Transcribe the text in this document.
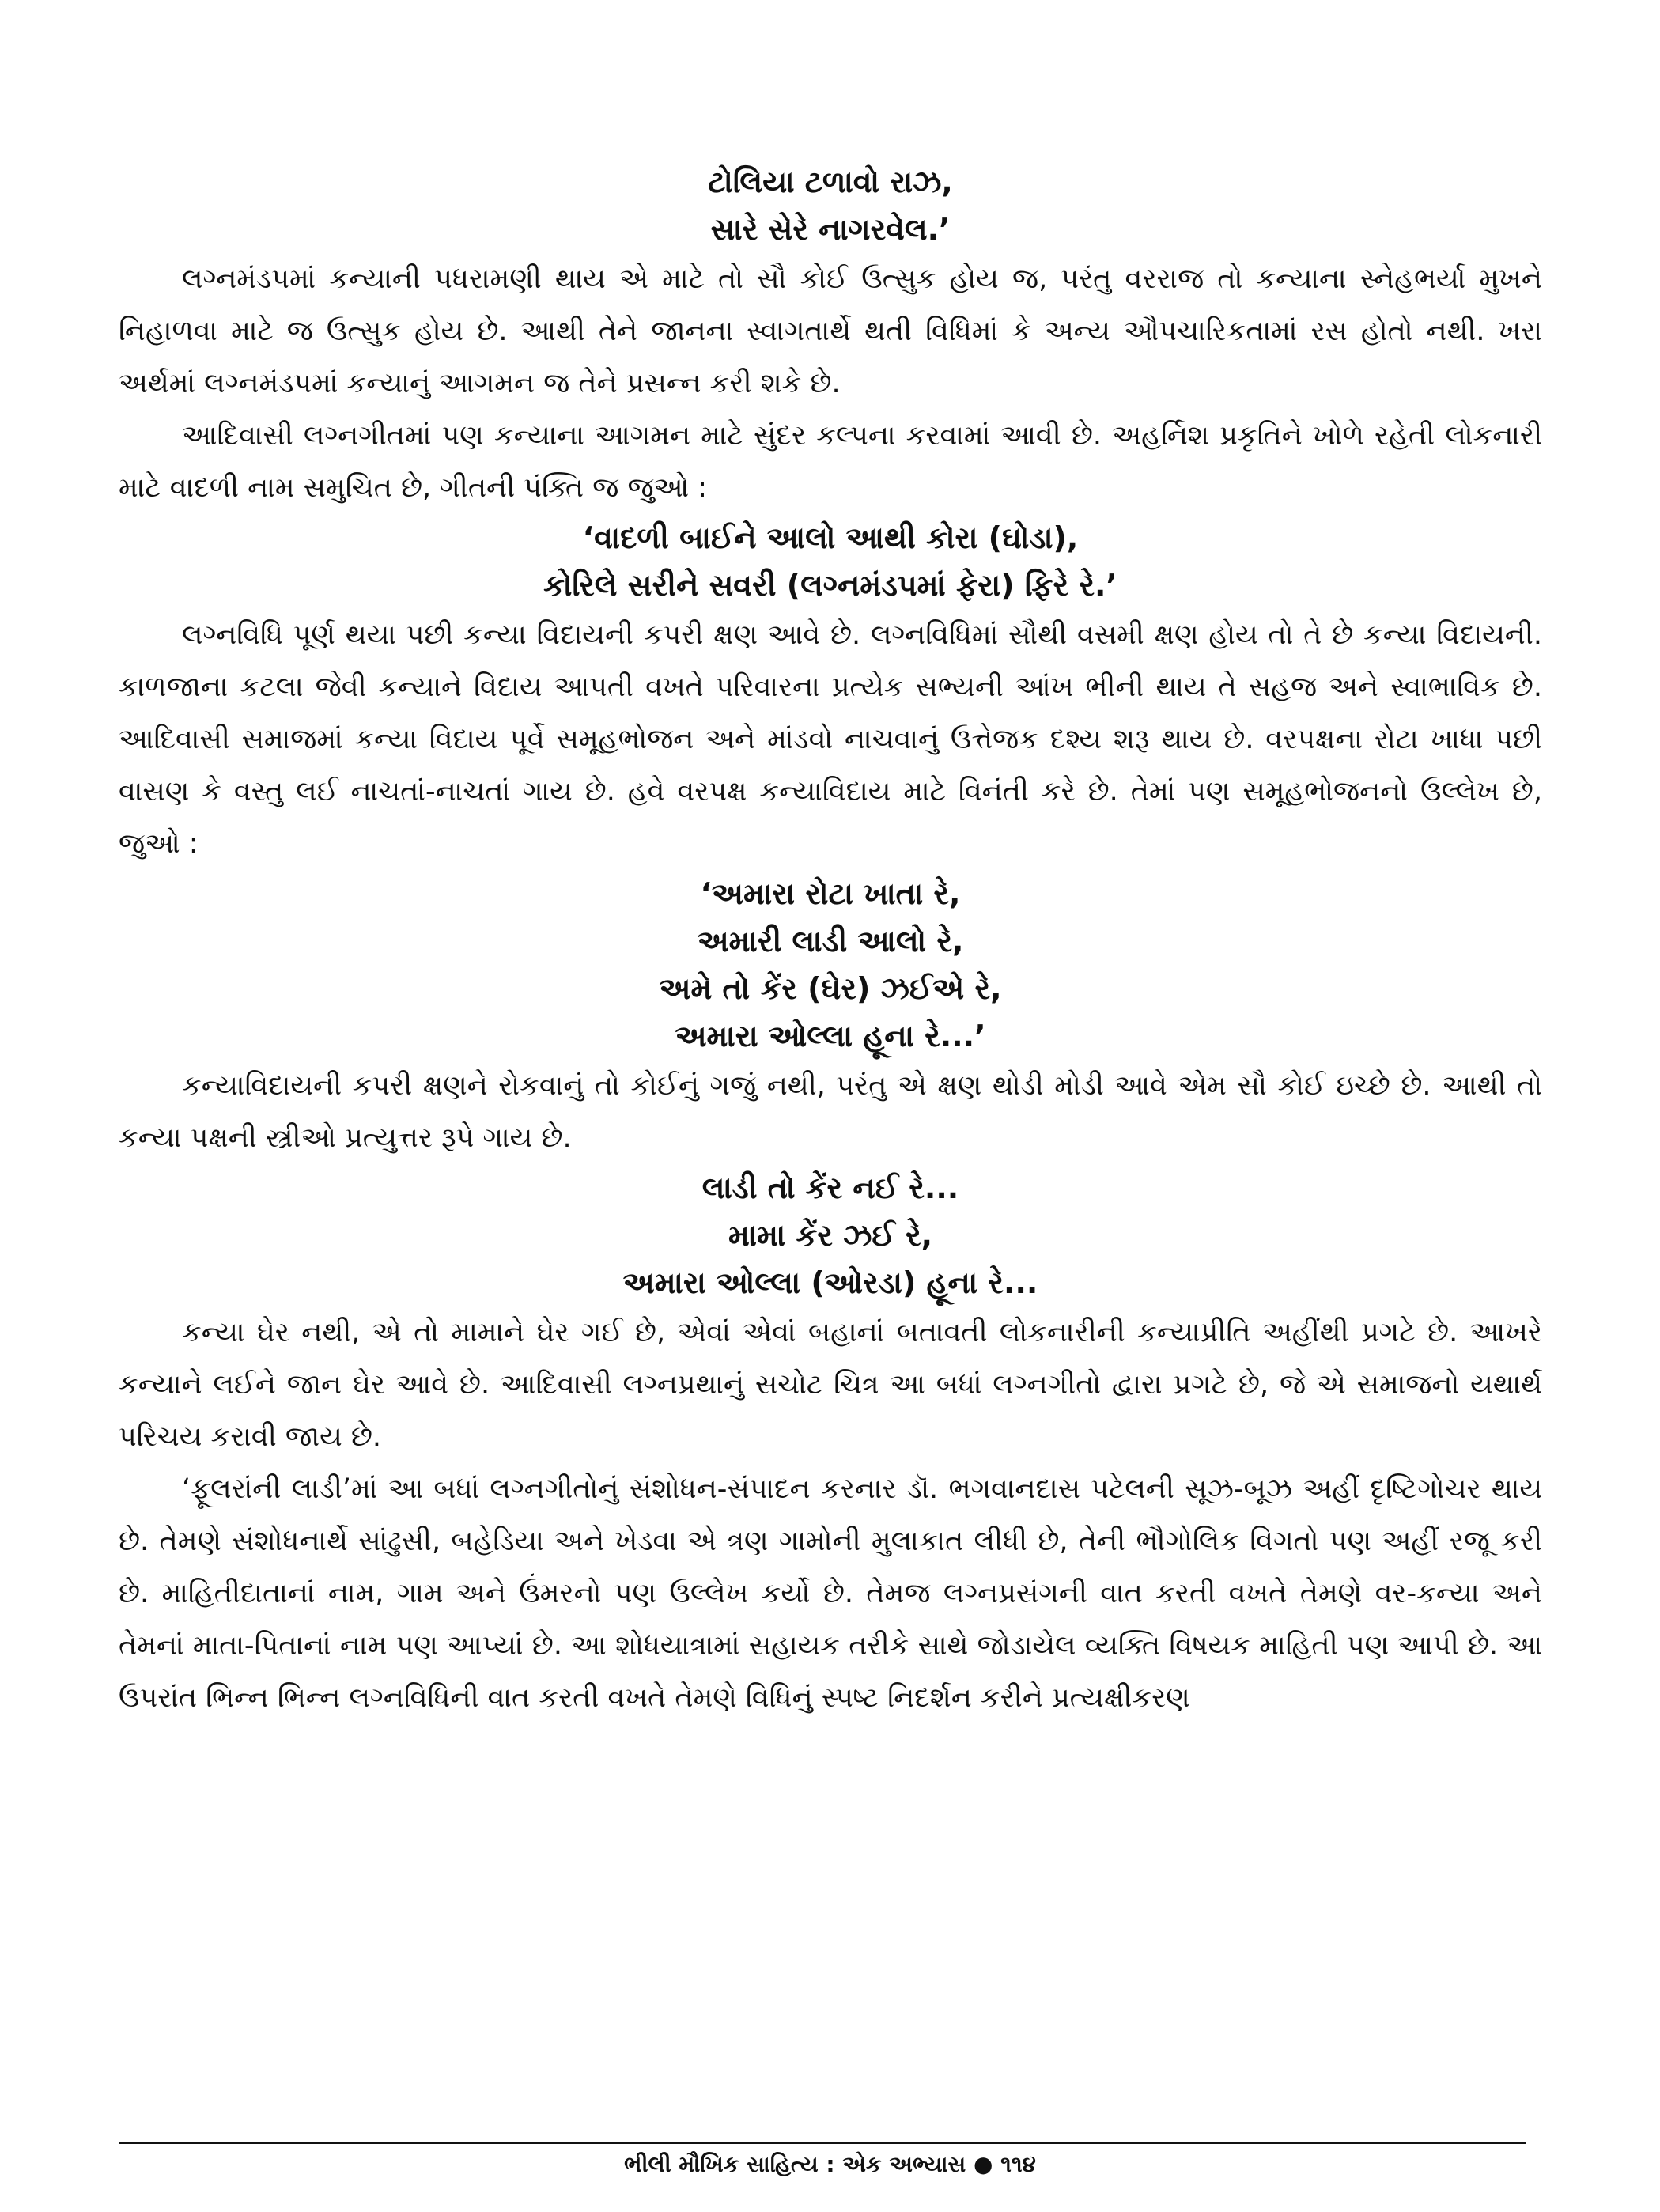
ટોલિયા ટળાવો રાઝ,

સારે સેરે નાગરવેલ.’

લગ્નમંડપમાં કન્યાની પધરામણી થાય એ માટે તો સૌ કોઈ ઉત્સુક હોય જ, પરંતુ વરરાજ તો કન્યાના સ્નેહભર્યા મુખને નિહાળવા માટે જ ઉત્સુક હોય છે. આથી તેને જાનના સ્વાગતાર્થે થતી વિધિમાં કે અન્ય ઔપચારિકતામાં રસ હોતો નથી. ખરા અર્થમાં લગ્નમંડપમાં કન્યાનું આગમન જ તેને પ્રસન્ન કરી શકે છે.

આદિવાસી લગ્નગીતમાં પણ કન્યાના આગમન માટે સુંદર કલ્પના કરવામાં આવી છે. અહર્નિશ પ્રકૃતિને ખોળે રહેતી લોકનારી માટે વાદળી નામ સમુચિત છે, ગીતની પંક્તિ જ જુઓ :

‘વાદળી બાઈને આલો આથી કોરા (ઘોડા),

કોરિલે સરીને સવરી (લગ્નમંડપમાં ફેરા) ફિરે રે.’

લગ્નવિધિ પૂર્ણ થયા પછી કન્યા વિદાયની કપરી ક્ષણ આવે છે. લગ્નવિધિમાં સૌથી વસમી ક્ષણ હોય તો તે છે કન્યા વિદાયની. કાળજાના કટલા જેવી કન્યાને વિદાય આપતી વખતે પરિવારના પ્રત્યેક સભ્યની આંખ ભીની થાય તે સહજ અને સ્વાભાવિક છે. આદિવાસી સમાજમાં કન્યા વિદાય પૂર્વે સમૂહભોજન અને માંડવો નાચવાનું ઉત્તેજક દશ્ય શરૂ થાય છે. વરપક્ષના રોટા ખાધા પછી વાસણ કે વસ્તુ લઈ નાચતાં-નાચતાં ગાય છે. હવે વરપક્ષ કન્યાવિદાય માટે વિનંતી કરે છે. તેમાં પણ સમૂહભોજનનો ઉલ્લેખ છે, જુઓ :

‘અમારા રોટા ખાતા રે,

અમારી લાડી આલો રે,

અમે તો કેંર (ઘેર) ઝઈએ રે,

અમારા ઓલ્લા હૂના રે...’

કન્યાવિદાયની કપરી ક્ષણને રોકવાનું તો કોઈનું ગજું નથી, પરંતુ એ ક્ષણ થોડી મોડી આવે એમ સૌ કોઈ ઇચ્છે છે. આથી તો કન્યા પક્ષની સ્ત્રીઓ પ્રત્યુત્તર રૂપે ગાય છે.

લાડી તો કેંર નઈ રે...

મામા કેંર ઝઈ રે,

અમારા ઓલ્લા (ઓરડા) હૂના રે...

કન્યા ઘેર નથી, એ તો મામાને ઘેર ગઈ છે, એવાં એવાં બહાનાં બતાવતી લોકનારીની કન્યાપ્રીતિ અહીંથી પ્રગટે છે. આખરે કન્યાને લઈને જાન ઘેર આવે છે. આદિવાસી લગ્નપ્રથાનું સચોટ ચિત્ર આ બધાં લગ્નગીતો દ્વારા પ્રગટે છે, જે એ સમાજનો યથાર્થ પરિચય કરાવી જાય છે.

‘ફૂલરાંની લાડી’માં આ બધાં લગ્નગીતોનું સંશોધન-સંપાદન કરનાર ડૉ. ભગવાનદાસ પટેલની સૂઝ-બૂઝ અહીં દૃષ્ટિગોચર થાય છે. તેમણે સંશોધનાર્થે સાંઢુસી, બહેડિયા અને ખેડવા એ ત્રણ ગામોની મુલાકાત લીધી છે, તેની ભૌગોલિક વિગતો પણ અહીં રજૂ કરી છે. માહિતીદાતાનાં નામ, ગામ અને ઉંમરનો પણ ઉલ્લેખ કર્યો છે. તેમજ લગ્નપ્રસંગની વાત કરતી વખતે તેમણે વર-કન્યા અને તેમનાં માતા-પિતાનાં નામ પણ આપ્યાં છે. આ શોધયાત્રામાં સહાયક તરીકે સાથે જોડાયેલ વ્યક્તિ વિષયક માહિતી પણ આપી છે. આ ઉપરાંત ભિન્ન ભિન્ન લગ્નવિધિની વાત કરતી વખતે તેમણે વિધિનું સ્પષ્ટ નિદર્શન કરીને પ્રત્યક્ષીકરણ

ભીલી મૌખિક સાહિત્ય : એક અભ્યાસ ● ૧૧૪
